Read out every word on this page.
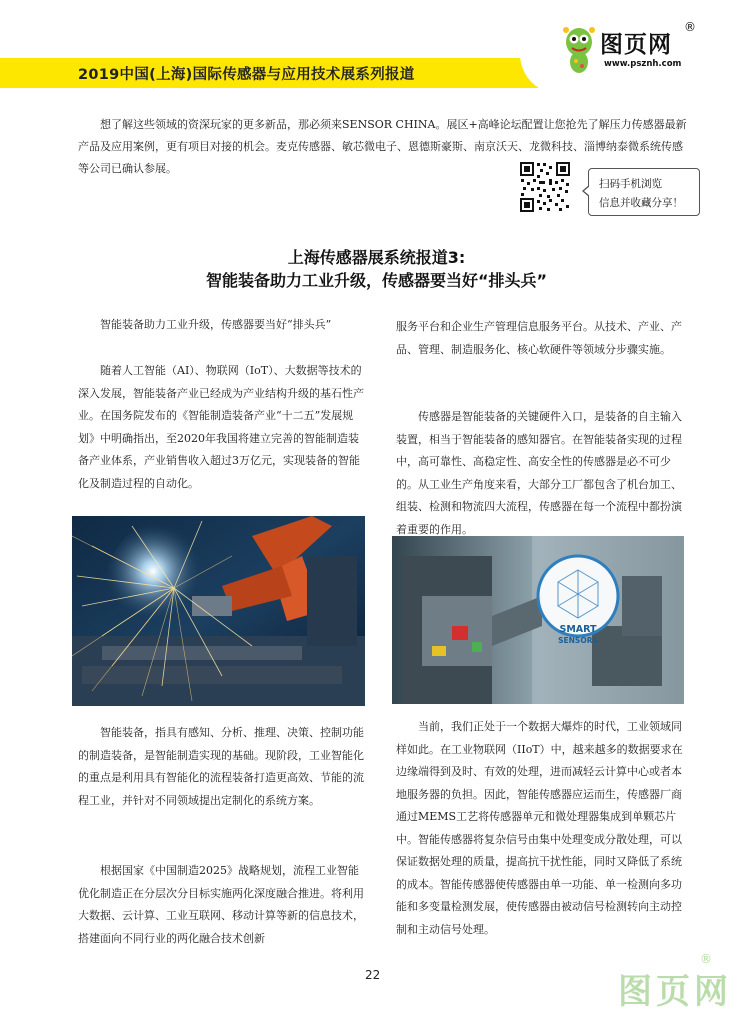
2019中国(上海)国际传感器与应用技术展系列报道
图页网
®
www.psznh.com

想了解这些领域的资深玩家的更多新品，那必须来SENSOR CHINA。展区+高峰论坛配置让您抢先了解压力传感器最新产品及应用案例，更有项目对接的机会。麦克传感器、敏芯微电子、恩德斯豪斯、南京沃天、龙微科技、淄博纳泰微系统传感等公司已确认参展。

扫码手机浏览
信息并收藏分享！
上海传感器展系统报道3:
智能装备助力工业升级，传感器要当好“排头兵”
智能装备助力工业升级，传感器要当好“排头兵”

随着人工智能（AI）、物联网（IoT）、大数据等技术的深入发展，智能装备产业已经成为产业结构升级的基石性产业。在国务院发布的《智能制造装备产业“十二五”发展规划》中明确指出，至2020年我国将建立完善的智能制造装备产业体系，产业销售收入超过3万亿元，实现装备的智能化及制造过程的自动化。

智能装备，指具有感知、分析、推理、决策、控制功能的制造装备，是智能制造实现的基础。现阶段，工业智能化的重点是利用具有智能化的流程装备打造更高效、节能的流程工业，并针对不同领域提出定制化的系统方案。

根据国家《中国制造2025》战略规划，流程工业智能优化制造正在分层次分目标实施两化深度融合推进。将利用大数据、云计算、工业互联网、移动计算等新的信息技术，搭建面向不同行业的两化融合技术创新

服务平台和企业生产管理信息服务平台。从技术、产业、产品、管理、制造服务化、核心软硬件等领域分步骤实施。

传感器是智能装备的关键硬件入口，是装备的自主输入装置，相当于智能装备的感知器官。在智能装备实现的过程中，高可靠性、高稳定性、高安全性的传感器是必不可少的。从工业生产角度来看，大部分工厂都包含了机台加工、组装、检测和物流四大流程，传感器在每一个流程中都扮演着重要的作用。

SMART
SENSORS

当前，我们正处于一个数据大爆炸的时代，工业领域同样如此。在工业物联网（IIoT）中，越来越多的数据要求在边缘端得到及时、有效的处理，进而减轻云计算中心或者本地服务器的负担。因此，智能传感器应运而生，传感器厂商通过MEMS工艺将传感器单元和微处理器集成到单颗芯片中。智能传感器将复杂信号由集中处理变成分散处理，可以保证数据处理的质量，提高抗干扰性能，同时又降低了系统的成本。智能传感器使传感器由单一功能、单一检测向多功能和多变量检测发展，使传感器由被动信号检测转向主动控制和主动信号处理。

22	图页网
®
